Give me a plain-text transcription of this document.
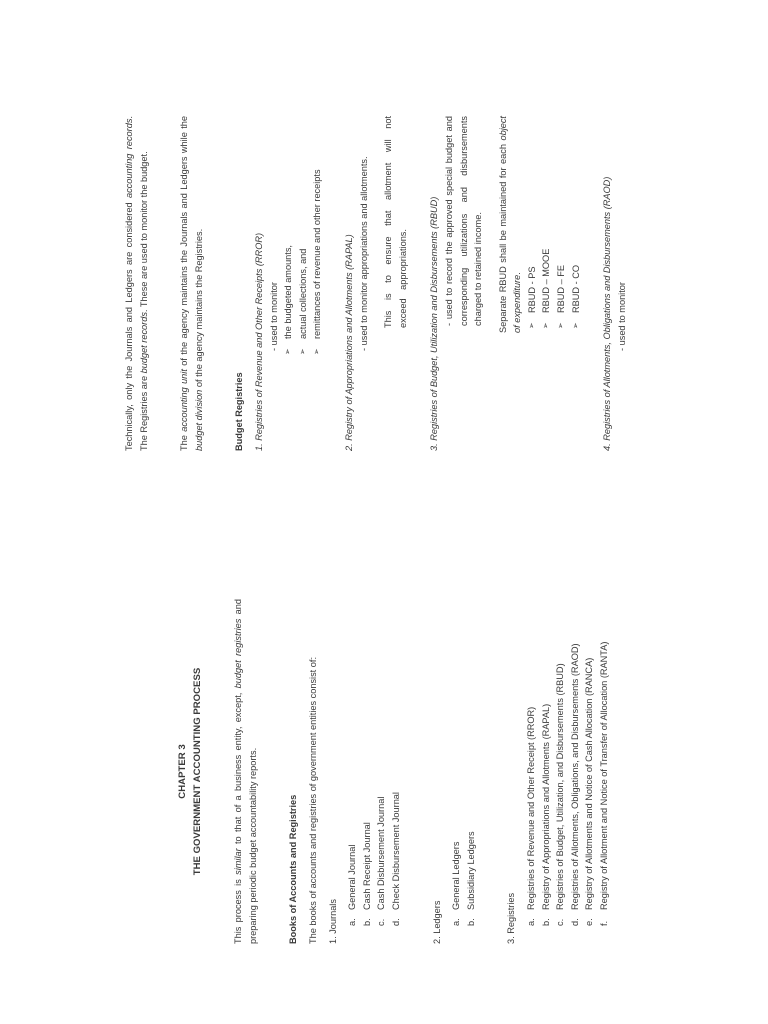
CHAPTER 3 THE GOVERNMENT ACCOUNTING PROCESS
This process is similar to that of a business entity, except, budget registries and preparing periodic budget accountability reports.	Books of Accounts and Registries The books of accounts and registries of government entities consist of: 1. Journals a.General Journal
b.Cash Receipt Journal
c.Cash Disbursement Journal
d.Check Disbursement Journal
2. Ledgers a.General Ledgers
b.Subsidiary Ledgers
3. Registries a.Registries of Revenue and Other Receipt (RROR)
b.Registry of Appropriations and Allotments (RAPAL)
c.Registries of Budget, Utilization, and Disbursements (RBUD)
d.Registries of Allotments, Obligations, and Disbursements (RAOD)
e.Registry of Allotments and Notice of Cash Allocation (RANCA)
f.Registry of Allotment and Notice of Transfer of Allocation (RANTA)
Technically, only the Journals and Ledgers are considered accounting records. The Registries are budget records. These are used to monitor the budget.
The accounting unit of the agency maintains the Journals and Ledgers while the budget division of the agency maintains the Registries.
Budget Registries 1. Registries of Revenue and Other Receipts (RROR) - used to monitor
➢
the budgeted amounts,
➢
actual collections, and
➢
remittances of revenue and other receipts 2. Registry of Appropriations and Allotments (RAPAL) - used to monitor appropriations and allotments. This is to ensure that allotment will not exceed appropriations. 3. Registries of Budget, Utilization and Disbursements (RBUD) - used to record the approved special budget and corresponding utilizations and disbursements charged to retained income. Separate RBUD shall be maintained for each object of expenditure.
➢
RBUD - PS
➢
RBUD – MOOE
➢
RBUD – FE
➢
RBUD - CO 4. Registries of Allotments, Obligations and Disbursements (RAOD) - used to monitor
